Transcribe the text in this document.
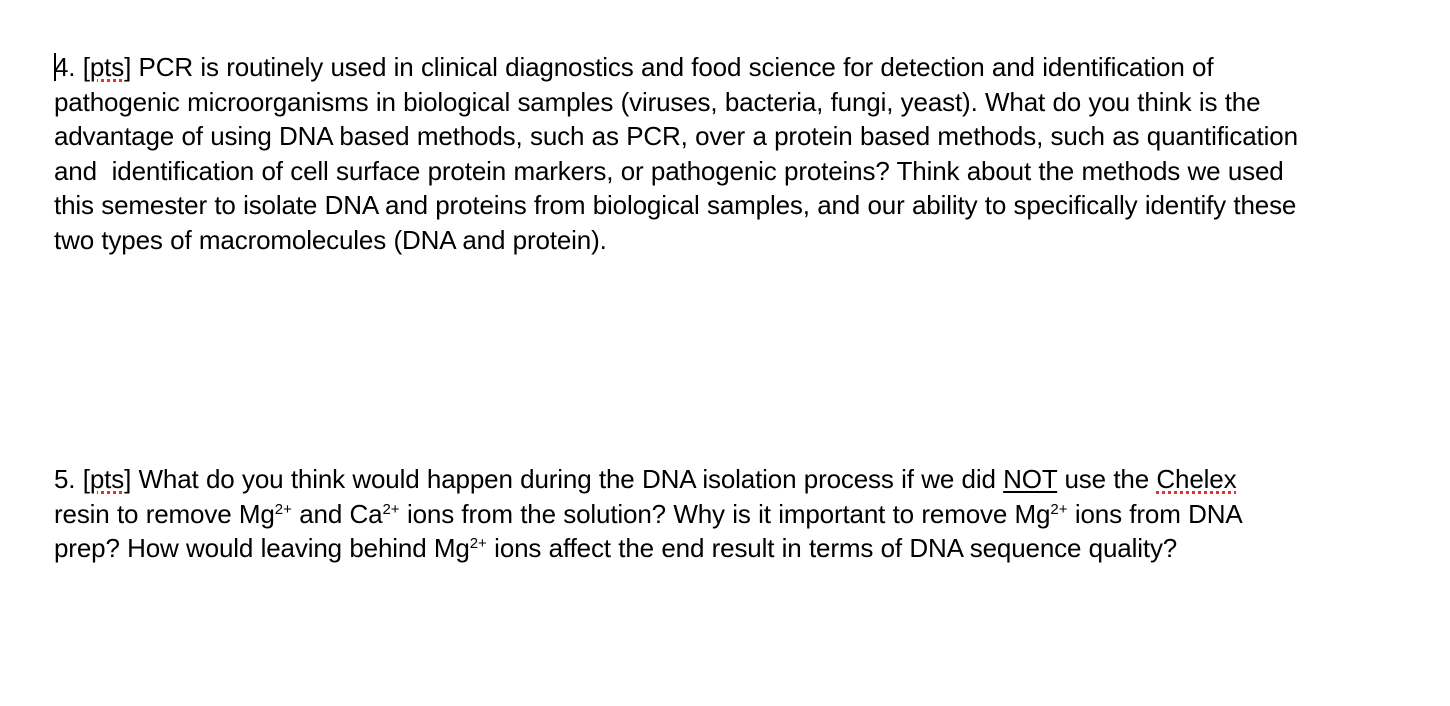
4. [pts] PCR is routinely used in clinical diagnostics and food science for detection and identification of
pathogenic microorganisms in biological samples (viruses, bacteria, fungi, yeast). What do you think is the
advantage of using DNA based methods, such as PCR, over a protein based methods, such as quantification
and  identification of cell surface protein markers, or pathogenic proteins? Think about the methods we used
this semester to isolate DNA and proteins from biological samples, and our ability to specifically identify these
two types of macromolecules (DNA and protein).
5. [pts] What do you think would happen during the DNA isolation process if we did NOT use the Chelex
resin to remove $Mg^{2+}$ and $Ca^{2+}$ ions from the solution? Why is it important to remove $Mg^{2+}$ ions from DNA
prep? How would leaving behind $Mg^{2+}$ ions affect the end result in terms of DNA sequence quality?
